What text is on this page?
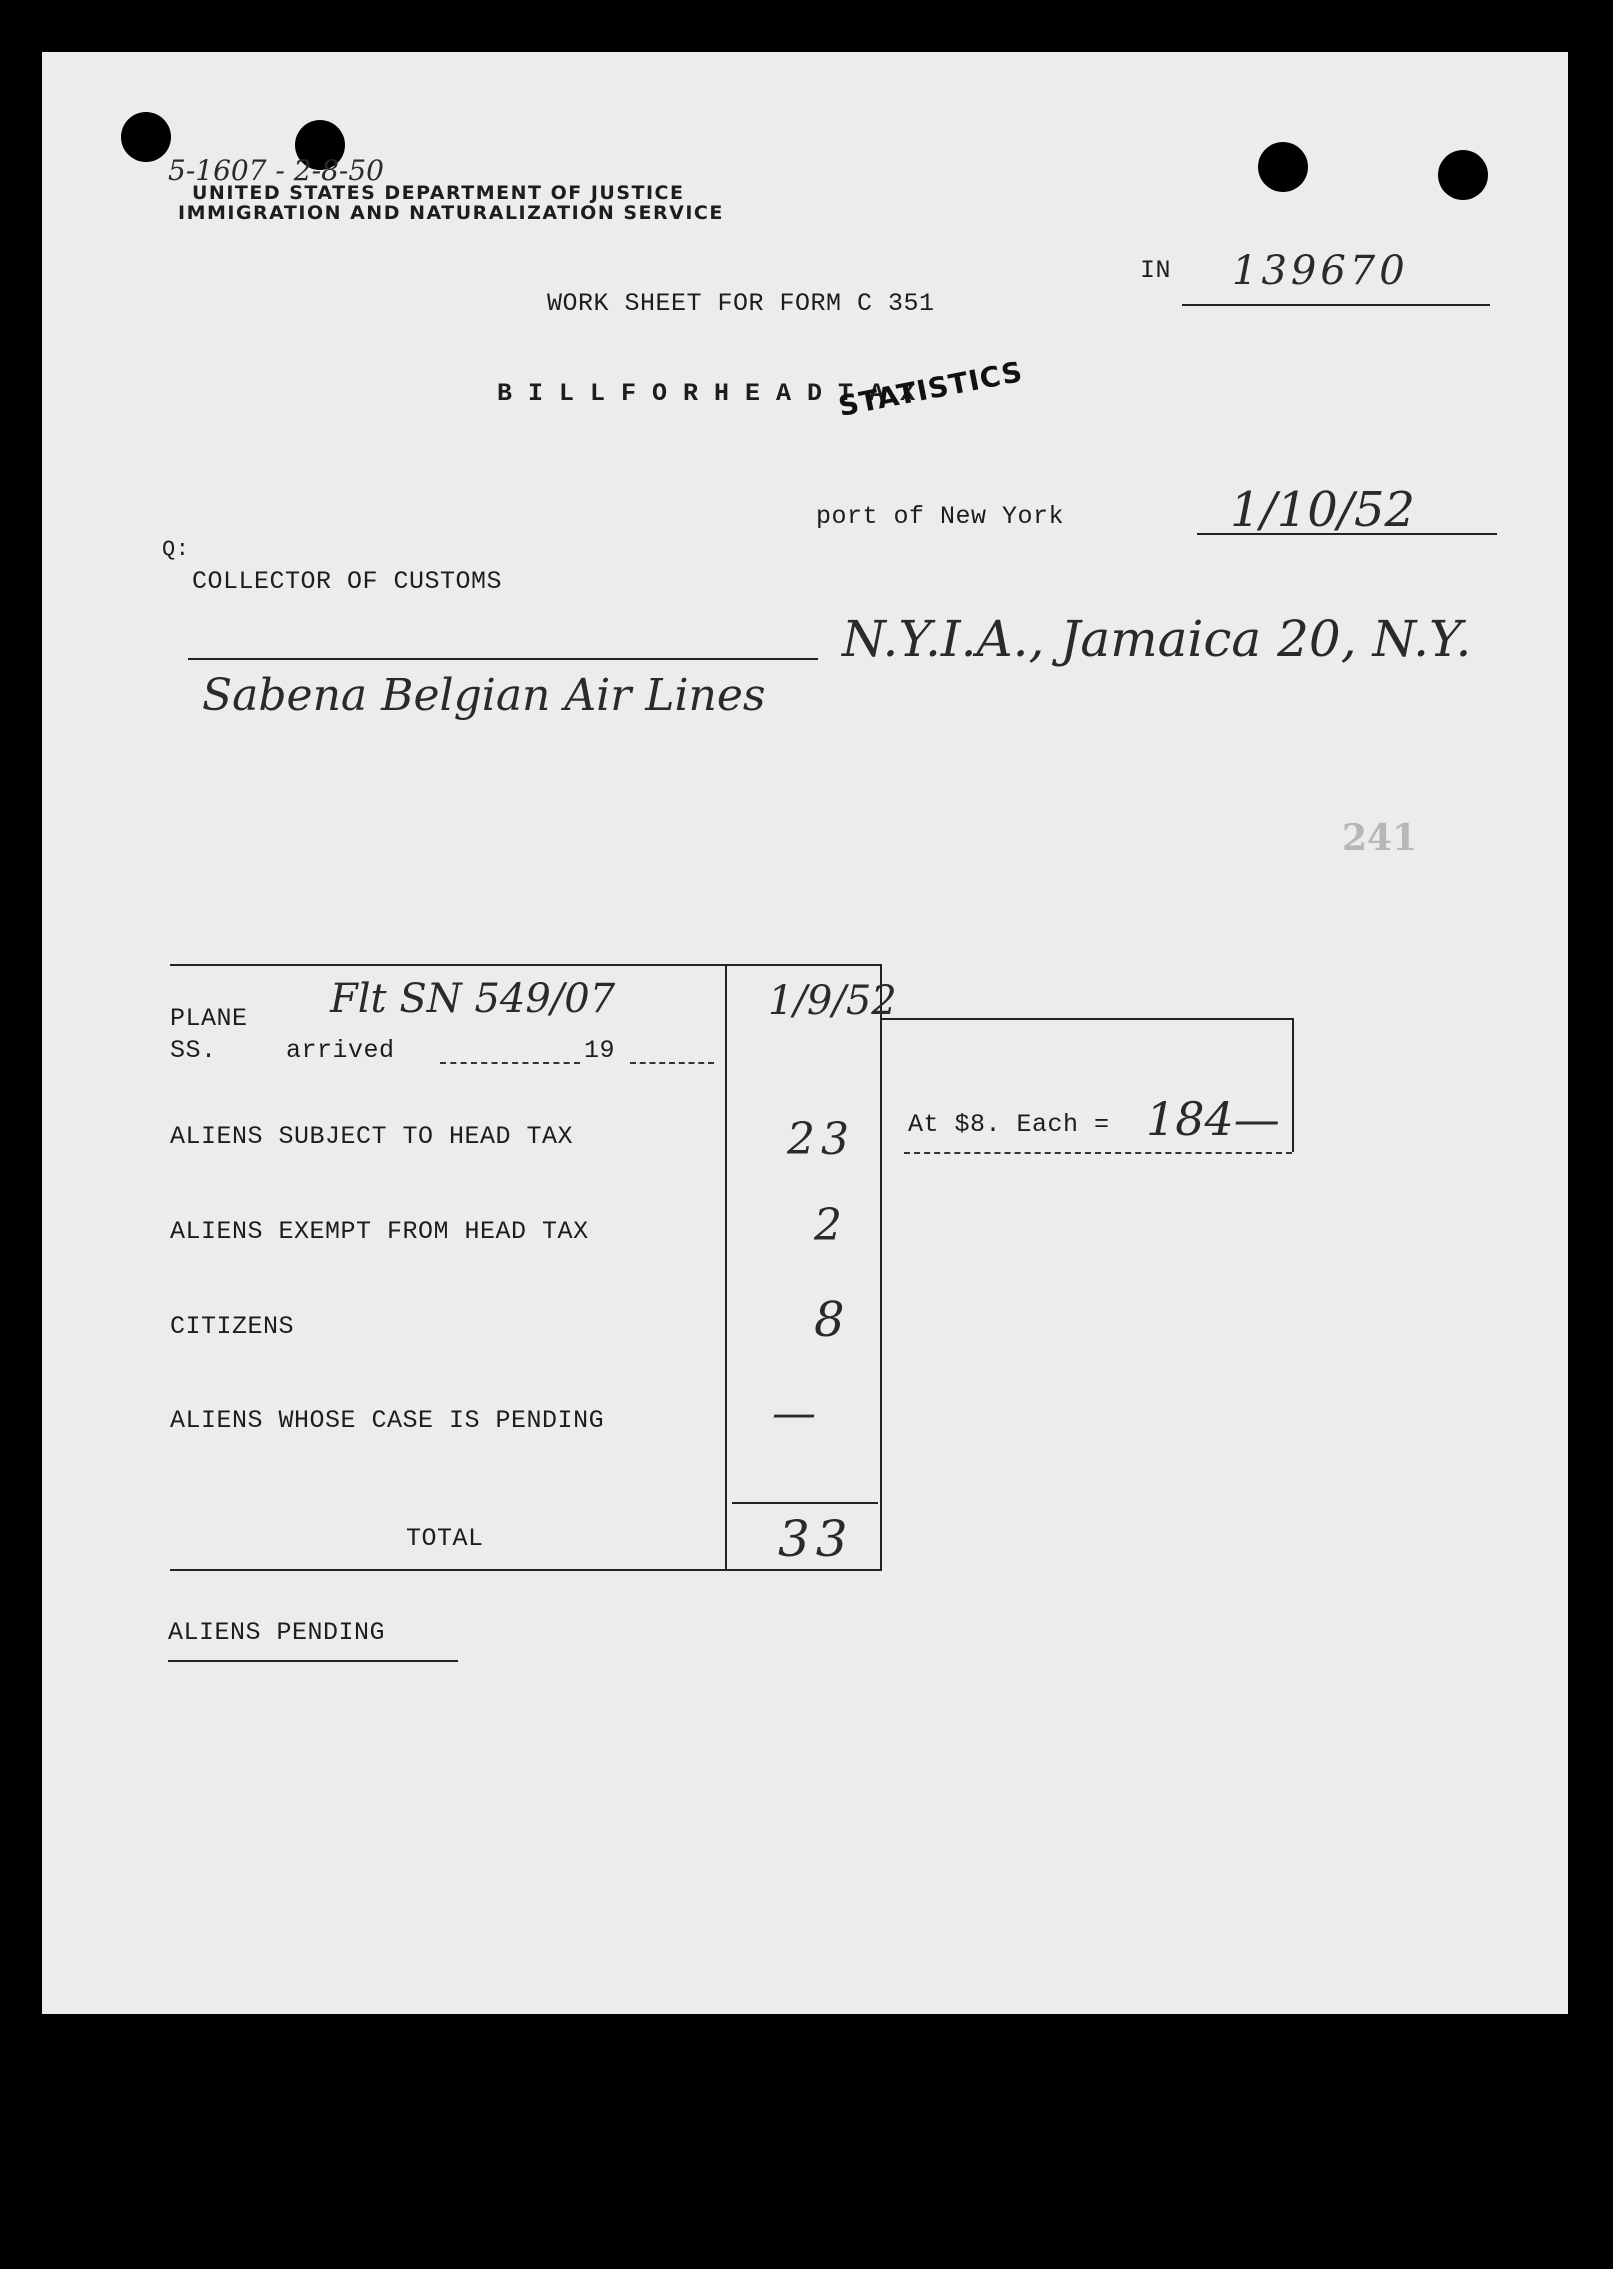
5-1607 - 2-8-50
UNITED STATES DEPARTMENT OF JUSTICE
IMMIGRATION AND NATURALIZATION SERVICE
IN 139670
WORK SHEET FOR FORM C 351
B I L L F O R H E A D T A X
STATISTICS
port of New York	1/10/52
Q:
COLLECTOR OF CUSTOMS
N.Y.I.A., Jamaica 20, N.Y.
Sabena Belgian Air Lines
241
PLANE
SS.	arrived	19
Flt SN 549/07	1/9/52
ALIENS SUBJECT TO HEAD TAX	23
ALIENS EXEMPT FROM HEAD TAX	2
CITIZENS	8
ALIENS WHOSE CASE IS PENDING	—
TOTAL	33
At $8. Each = 184—
ALIENS PENDING
